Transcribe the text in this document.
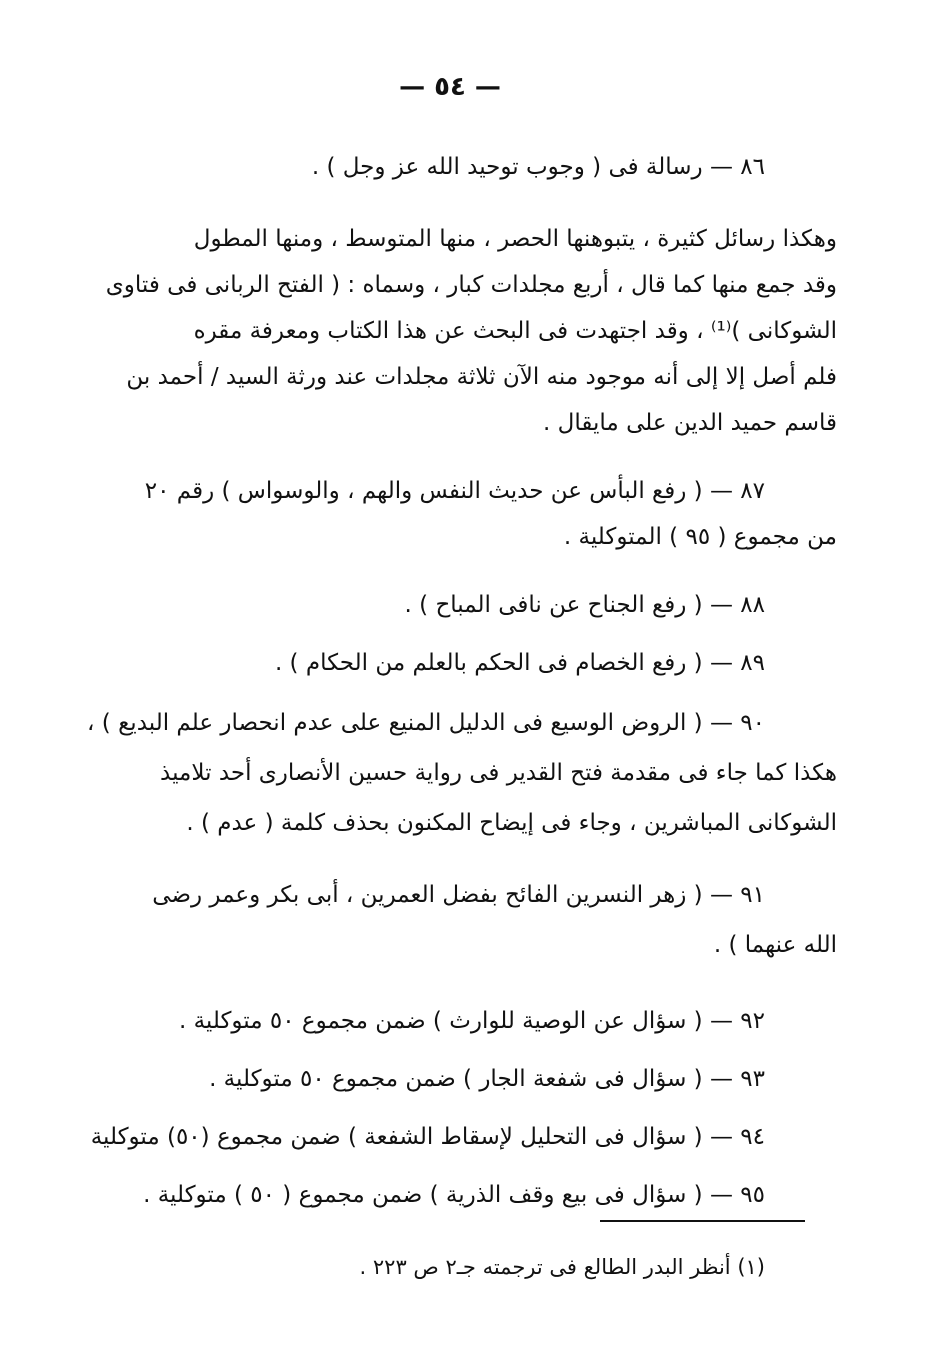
— ٥٤ —
٨٦ — رسالة فى ( وجوب توحيد الله عز وجل ) .
وهكذا رسائل كثيرة ، يتبوهنها الحصر ، منها المتوسط ، ومنها المطول
وقد جمع منها كما قال ، أربع مجلدات كبار ، وسماه : ( الفتح الربانى فى فتاوى
الشوكانى )⁽¹⁾ ، وقد اجتهدت فى البحث عن هذا الكتاب ومعرفة مقره
فلم أصل إلا إلى أنه موجود منه الآن ثلاثة مجلدات عند ورثة السيد / أحمد بن
قاسم حميد الدين على مايقال .
٨٧ — ( رفع البأس عن حديث النفس والهم ، والوسواس ) رقم ٢٠
من مجموع ( ٩٥ ) المتوكلية .
٨٨ — ( رفع الجناح عن نافى المباح ) .
٨٩ — ( رفع الخصام فى الحكم بالعلم من الحكام ) .
٩٠ — ( الروض الوسيع فى الدليل المنيع على عدم انحصار علم البديع ) ،
هكذا كما جاء فى مقدمة فتح القدير فى رواية حسين الأنصارى أحد تلاميذ
الشوكانى المباشرين ، وجاء فى إيضاح المكنون بحذف كلمة ( عدم ) .
٩١ — ( زهر النسرين الفائح بفضل العمرين ، أبى بكر وعمر رضى
الله عنهما ) .
٩٢ — ( سؤال عن الوصية للوارث ) ضمن مجموع ٥٠ متوكلية .
٩٣ — ( سؤال فى شفعة الجار ) ضمن مجموع ٥٠ متوكلية .
٩٤ — ( سؤال فى التحليل لإسقاط الشفعة ) ضمن مجموع (٥٠) متوكلية
٩٥ — ( سؤال فى بيع وقف الذرية ) ضمن مجموع ( ٥٠ ) متوكلية .
(١) أنظر البدر الطالع فى ترجمته جـ٢ ص ٢٢٣ .
